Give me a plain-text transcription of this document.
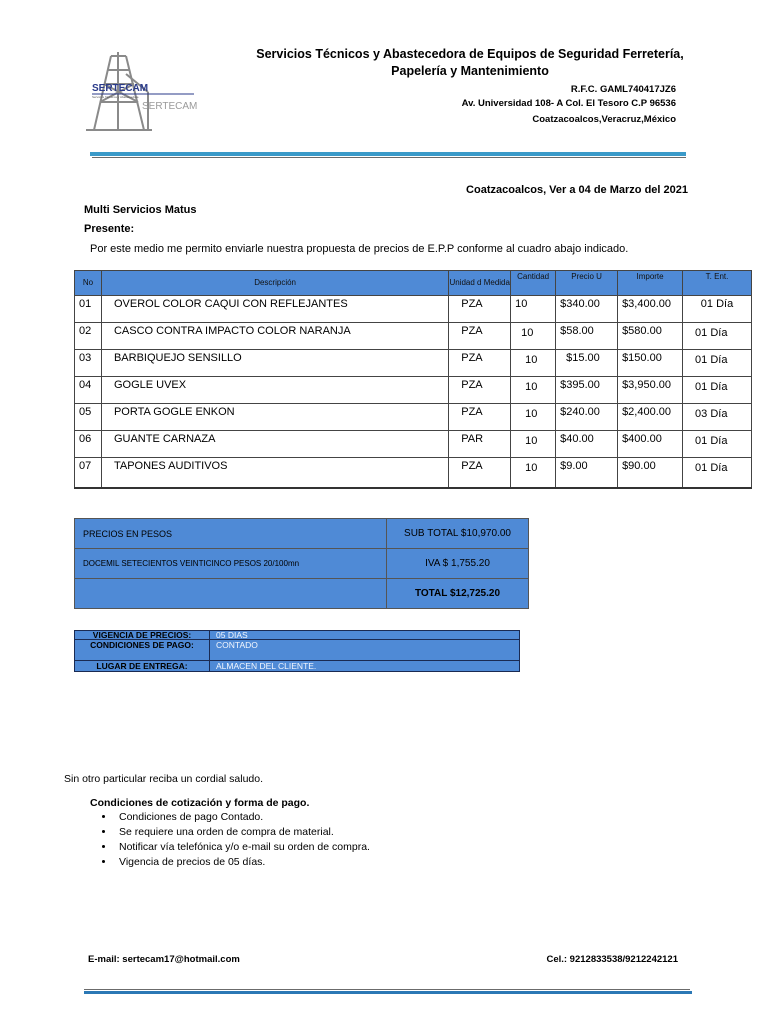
SERTECAM
Servicios Técnicos y Abastecedora
SERTECAM
Servicios Técnicos y Abastecedora de Equipos de Seguridad Ferretería,
Papelería y Mantenimiento
R.F.C. GAML740417JZ6
Av. Universidad 108- A Col. El Tesoro C.P 96536
Coatzacoalcos,Veracruz,México
Coatzacoalcos, Ver a 04 de Marzo del 2021
Multi Servicios Matus
Presente:
Por este medio me permito enviarle nuestra propuesta de precios de E.P.P conforme al cuadro abajo indicado.
No	Descripción	Unidad d Medida	Cantidad	Precio U	Importe	T. Ent.
01	OVEROL COLOR CAQUI CON REFLEJANTES	PZA	10	$340.00	$3,400.00	01 Día
02	CASCO CONTRA IMPACTO COLOR NARANJA	PZA	10	$58.00	$580.00	01 Día
03	BARBIQUEJO SENSILLO	PZA	10	$15.00	$150.00	01 Día
04	GOGLE UVEX	PZA	10	$395.00	$3,950.00	01 Día
05	PORTA GOGLE ENKON	PZA	10	$240.00	$2,400.00	03 Día
06	GUANTE CARNAZA	PAR	10	$40.00	$400.00	01 Día
07	TAPONES AUDITIVOS	PZA	10	$9.00	$90.00	01 Día
PRECIOS EN PESOS	SUB TOTAL $10,970.00
DOCEMIL SETECIENTOS VEINTICINCO PESOS 20/100mn	IVA $ 1,755.20
	TOTAL $12,725.20
VIGENCIA DE PRECIOS:	05 DIAS
CONDICIONES DE PAGO:	CONTADO
LUGAR DE ENTREGA:	ALMACEN DEL CLIENTE.
Sin otro particular reciba un cordial saludo.
Condiciones de cotización y forma de pago.
• Condiciones de pago Contado.
• Se requiere una orden de compra de material.
• Notificar vía telefónica y/o e-mail su orden de compra.
• Vigencia de precios de 05 días.
E-mail: sertecam17@hotmail.com	Cel.: 9212833538/9212242121
